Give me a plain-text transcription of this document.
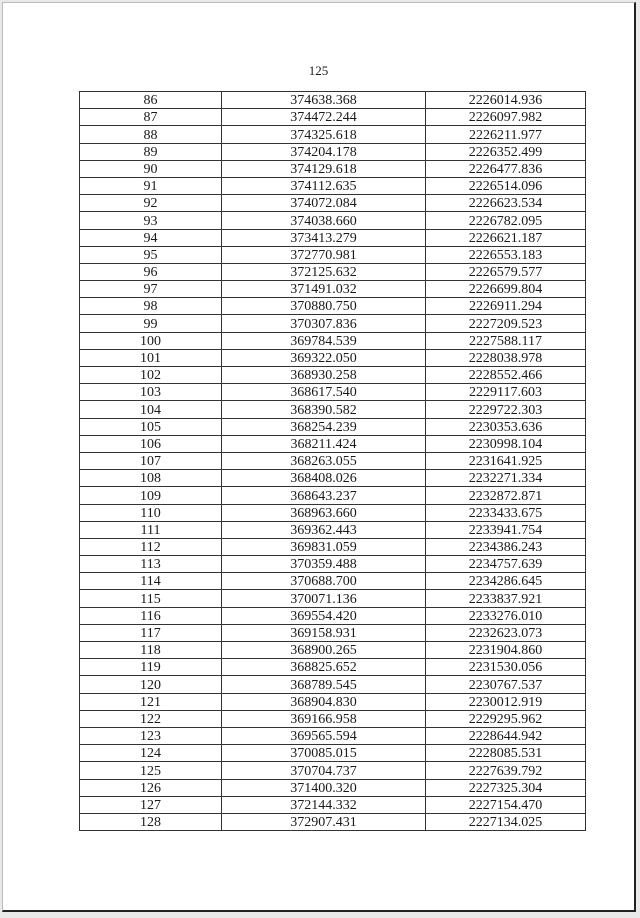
125
86	374638.368	2226014.936
87	374472.244	2226097.982
88	374325.618	2226211.977
89	374204.178	2226352.499
90	374129.618	2226477.836
91	374112.635	2226514.096
92	374072.084	2226623.534
93	374038.660	2226782.095
94	373413.279	2226621.187
95	372770.981	2226553.183
96	372125.632	2226579.577
97	371491.032	2226699.804
98	370880.750	2226911.294
99	370307.836	2227209.523
100	369784.539	2227588.117
101	369322.050	2228038.978
102	368930.258	2228552.466
103	368617.540	2229117.603
104	368390.582	2229722.303
105	368254.239	2230353.636
106	368211.424	2230998.104
107	368263.055	2231641.925
108	368408.026	2232271.334
109	368643.237	2232872.871
110	368963.660	2233433.675
111	369362.443	2233941.754
112	369831.059	2234386.243
113	370359.488	2234757.639
114	370688.700	2234286.645
115	370071.136	2233837.921
116	369554.420	2233276.010
117	369158.931	2232623.073
118	368900.265	2231904.860
119	368825.652	2231530.056
120	368789.545	2230767.537
121	368904.830	2230012.919
122	369166.958	2229295.962
123	369565.594	2228644.942
124	370085.015	2228085.531
125	370704.737	2227639.792
126	371400.320	2227325.304
127	372144.332	2227154.470
128	372907.431	2227134.025
